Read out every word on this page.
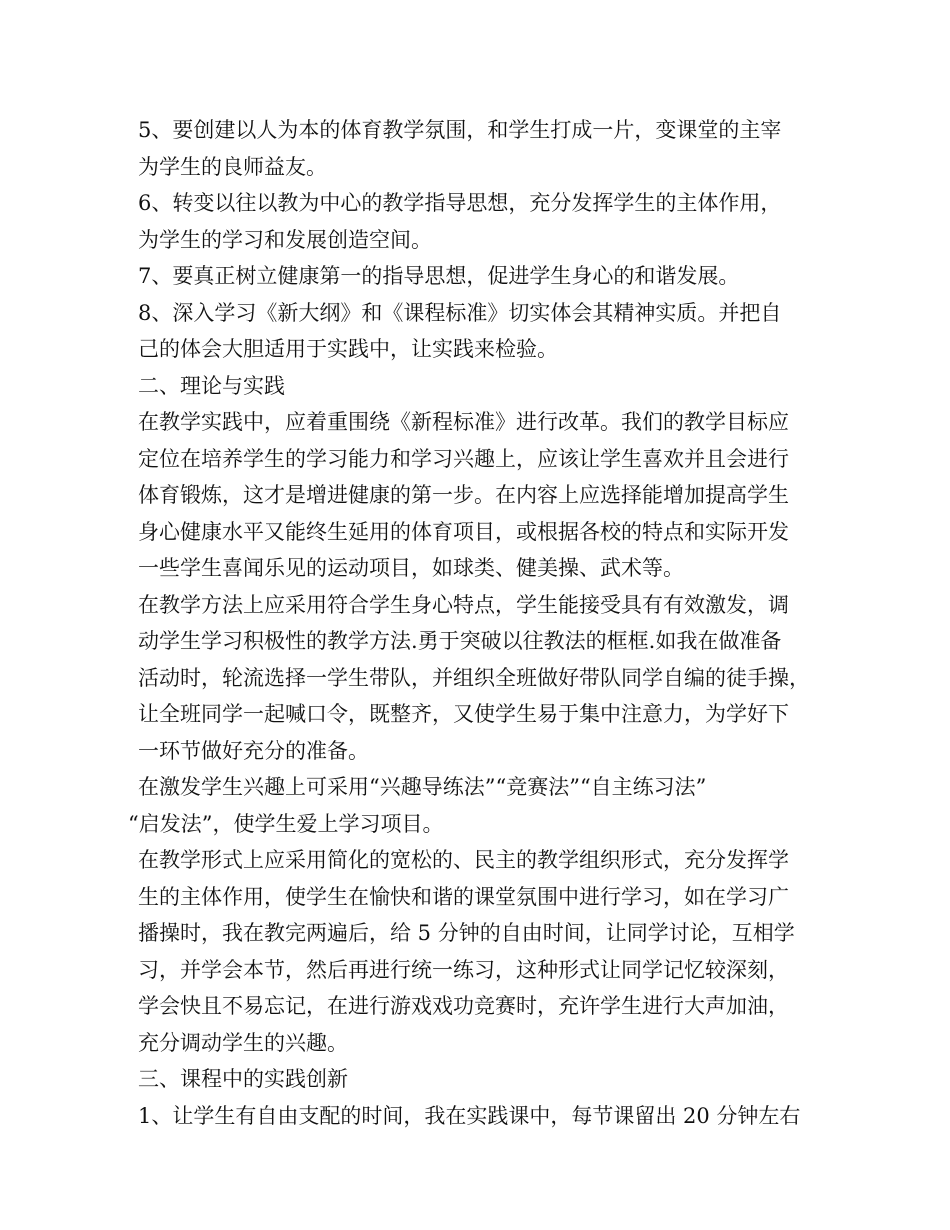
5、要创建以人为本的体育教学氛围，和学生打成一片，变课堂的主宰
为学生的良师益友。
6、转变以往以教为中心的教学指导思想，充分发挥学生的主体作用，
为学生的学习和发展创造空间。
7、要真正树立健康第一的指导思想，促进学生身心的和谐发展。
8、深入学习《新大纲》和《课程标准》切实体会其精神实质。并把自
己的体会大胆适用于实践中，让实践来检验。
二、理论与实践
在教学实践中，应着重围绕《新程标准》进行改革。我们的教学目标应
定位在培养学生的学习能力和学习兴趣上，应该让学生喜欢并且会进行
体育锻炼，这才是增进健康的第一步。在内容上应选择能增加提高学生
身心健康水平又能终生延用的体育项目，或根据各校的特点和实际开发
一些学生喜闻乐见的运动项目，如球类、健美操、武术等。
在教学方法上应采用符合学生身心特点，学生能接受具有有效激发，调
动学生学习积极性的教学方法.勇于突破以往教法的框框.如我在做准备
活动时，轮流选择一学生带队，并组织全班做好带队同学自编的徒手操，
让全班同学一起喊口令，既整齐，又使学生易于集中注意力，为学好下
一环节做好充分的准备。
在激发学生兴趣上可采用“兴趣导练法”“竞赛法”“自主练习法”
“启发法”，使学生爱上学习项目。
在教学形式上应采用简化的宽松的、民主的教学组织形式，充分发挥学
生的主体作用，使学生在愉快和谐的课堂氛围中进行学习，如在学习广
播操时，我在教完两遍后，给 5 分钟的自由时间，让同学讨论，互相学
习，并学会本节，然后再进行统一练习，这种形式让同学记忆较深刻，
学会快且不易忘记，在进行游戏戏功竞赛时，充许学生进行大声加油，
充分调动学生的兴趣。
三、课程中的实践创新
1、让学生有自由支配的时间，我在实践课中，每节课留出 20 分钟左右
